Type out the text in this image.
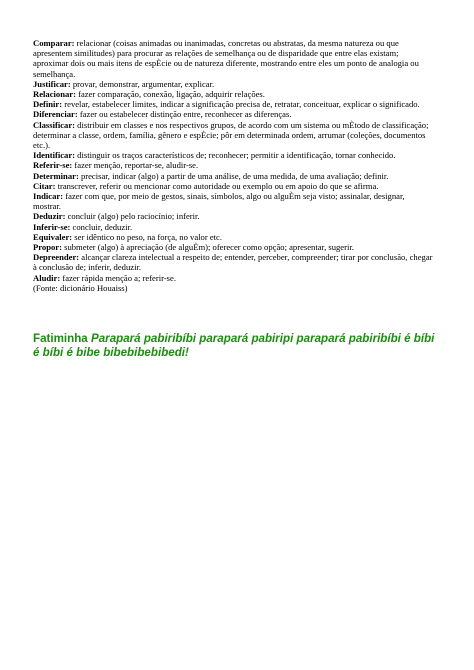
Comparar: relacionar (coisas animadas ou inanimadas, concretas ou abstratas, da mesma natureza ou que apresentem similitudes) para procurar as relações de semelhança ou de disparidade que entre elas existam; aproximar dois ou mais itens de espÈcie ou de natureza diferente, mostrando entre eles um ponto de analogia ou semelhança.

Justificar: provar, demonstrar, argumentar, explicar.

Relacionar: fazer comparação, conexão, ligação, adquirir relações.

Definir: revelar, estabelecer limites, indicar a significação precisa de, retratar, conceituar, explicar o significado.

Diferenciar: fazer ou estabelecer distinção entre, reconhecer as diferenças.

Classificar: distribuir em classes e nos respectivos grupos, de acordo com um sistema ou mÈtodo de classificação; determinar a classe, ordem, família, gênero e espÈcie; pôr em determinada ordem, arrumar (coleções, documentos etc.).

Identificar: distinguir os traços característicos de; reconhecer; permitir a identificação, tornar conhecido.

Referir-se: fazer menção, reportar-se, aludir-se.

Determinar: precisar, indicar (algo) a partir de uma análise, de uma medida, de uma avaliação; definir.

Citar: transcrever, referir ou mencionar como autoridade ou exemplo ou em apoio do que se afirma.

Indicar: fazer com que, por meio de gestos, sinais, símbolos, algo ou alguÈm seja visto; assinalar, designar, mostrar.

Deduzir: concluir (algo) pelo raciocínio; inferir.

Inferir-se: concluir, deduzir.

Equivaler: ser idêntico no peso, na força, no valor etc.

Propor: submeter (algo) à apreciação (de alguÈm); oferecer como opção; apresentar, sugerir.

Depreender: alcançar clareza intelectual a respeito de; entender, perceber, compreender; tirar por conclusão, chegar à conclusão de; inferir, deduzir.

Aludir: fazer rápida menção a; referir-se.

(Fonte: dicionário Houaiss)

Fatiminha Parapará pabiribíbi parapará pabiripi parapará pabiribíbi é bíbi é bíbi é bibe bibebibebibedi!
